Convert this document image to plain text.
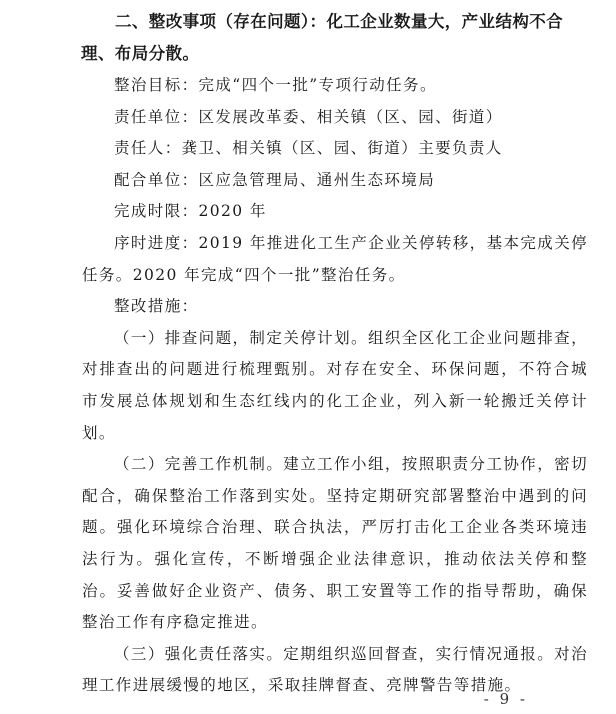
二、整改事项（存在问题）：化工企业数量大，产业结构不合理、布局分散。

整治目标：完成“四个一批”专项行动任务。

责任单位：区发展改革委、相关镇（区、园、街道）

责任人：龚卫、相关镇（区、园、街道）主要负责人

配合单位：区应急管理局、通州生态环境局

完成时限：2020 年

序时进度：2019 年推进化工生产企业关停转移，基本完成关停任务。2020 年完成“四个一批”整治任务。

整改措施：

（一）排查问题，制定关停计划。组织全区化工企业问题排查，对排查出的问题进行梳理甄别。对存在安全、环保问题，不符合城市发展总体规划和生态红线内的化工企业，列入新一轮搬迁关停计划。

（二）完善工作机制。建立工作小组，按照职责分工协作，密切配合，确保整治工作落到实处。坚持定期研究部署整治中遇到的问题。强化环境综合治理、联合执法，严厉打击化工企业各类环境违法行为。强化宣传，不断增强企业法律意识，推动依法关停和整治。妥善做好企业资产、债务、职工安置等工作的指导帮助，确保整治工作有序稳定推进。

（三）强化责任落实。定期组织巡回督查，实行情况通报。对治理工作进展缓慢的地区，采取挂牌督查、亮牌警告等措施。

- 9 -
